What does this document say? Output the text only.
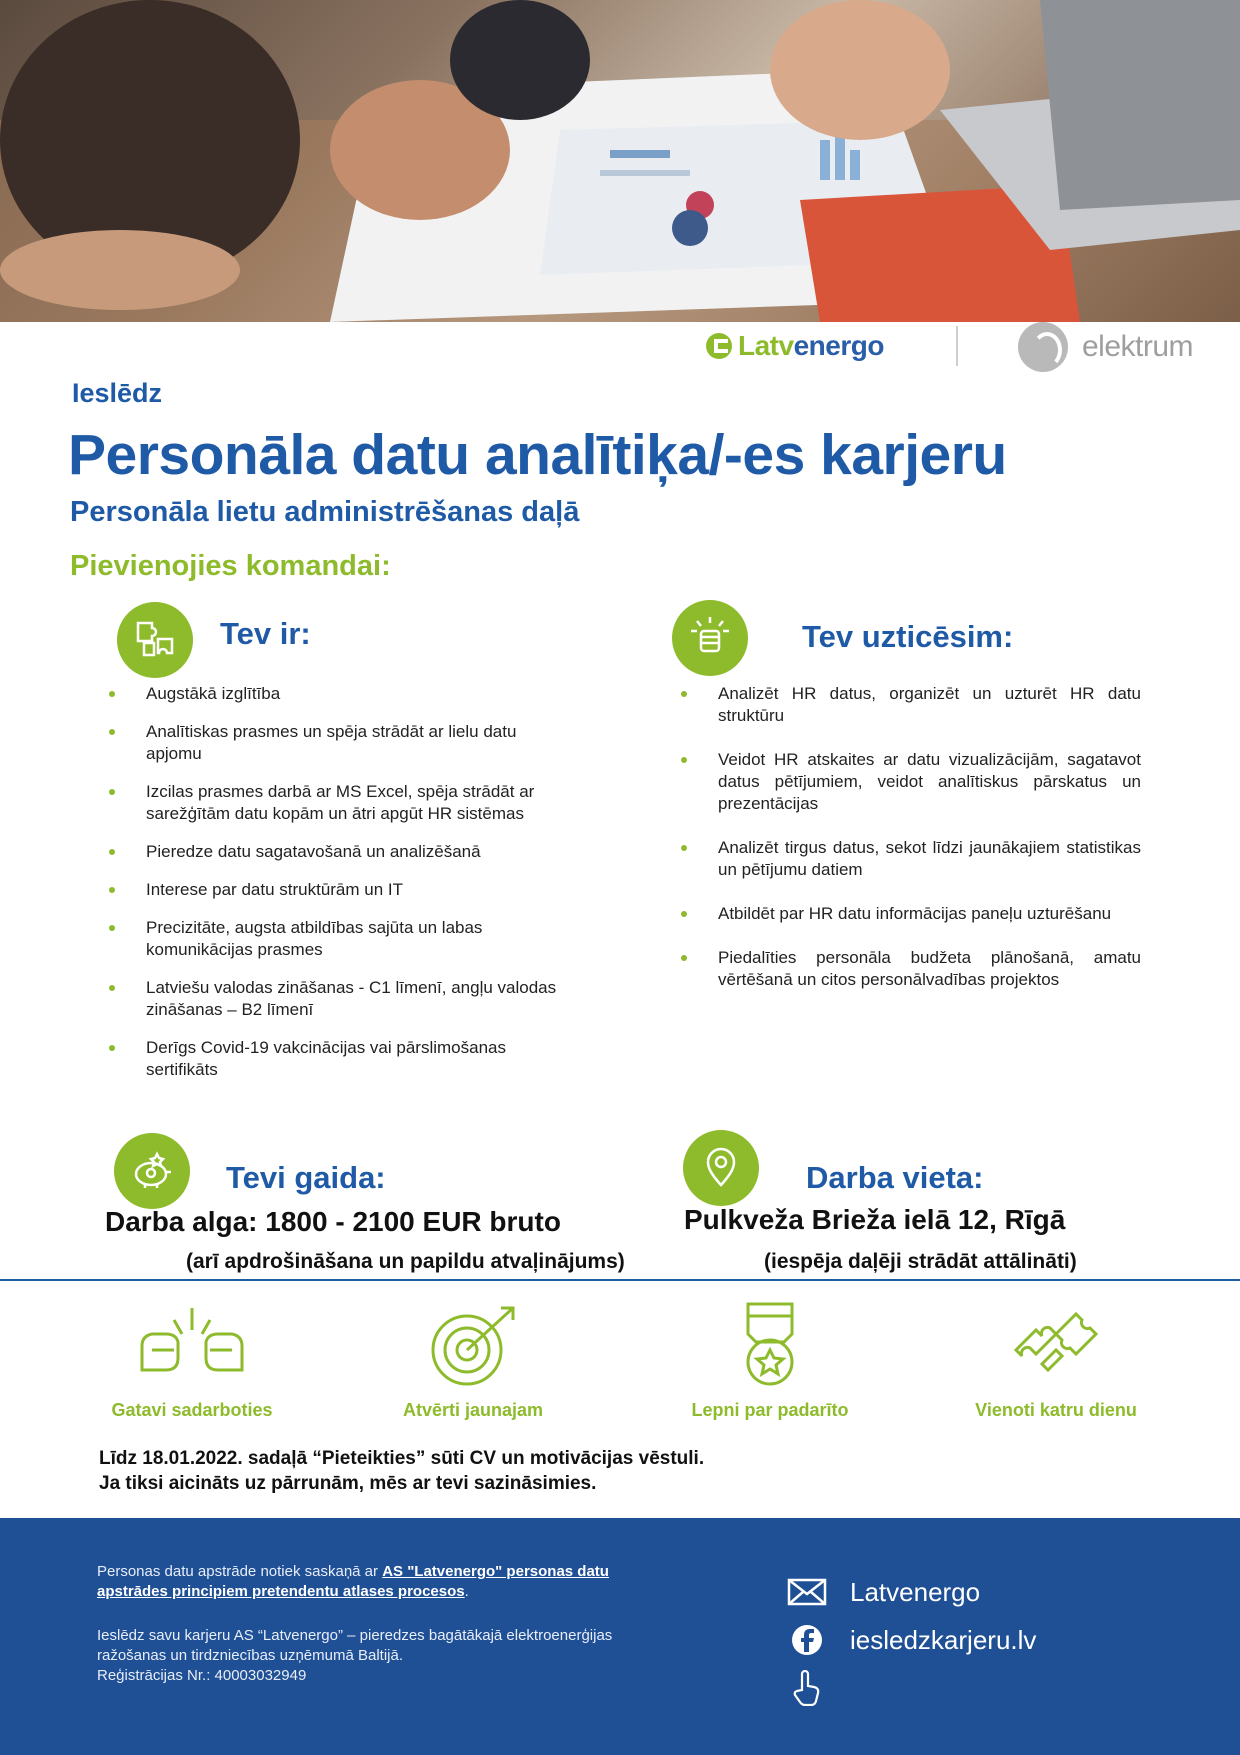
Latvenergo	elektrum
Ieslēdz
Personāla datu analītiķa/-es karjeru
Personāla lietu administrēšanas daļā
Pievienojies komandai:
Tev ir:
Augstākā izglītība
Analītiskas prasmes un spēja strādāt ar lielu datu apjomu
Izcilas prasmes darbā ar MS Excel, spēja strādāt ar sarežģītām datu kopām un ātri apgūt HR sistēmas
Pieredze datu sagatavošanā un analizēšanā
Interese par datu struktūrām un IT
Precizitāte, augsta atbildības sajūta un labas komunikācijas prasmes
Latviešu valodas zināšanas - C1 līmenī, angļu valodas zināšanas – B2 līmenī
Derīgs Covid-19 vakcinācijas vai pārslimošanas sertifikāts
Tev uzticēsim:
Analizēt HR datus, organizēt un uzturēt HR datu struktūru
Veidot HR atskaites ar datu vizualizācijām, sagatavot datus pētījumiem, veidot analītiskus pārskatus un prezentācijas
Analizēt tirgus datus, sekot līdzi jaunākajiem statistikas un pētījumu datiem
Atbildēt par HR datu informācijas paneļu uzturēšanu
Piedalīties personāla budžeta plānošanā, amatu vērtēšanā un citos personālvadības projektos
Tevi gaida:
Darba alga: 1800 - 2100 EUR bruto
(arī apdrošināšana un papildu atvaļinājums)
Darba vieta:
Pulkveža Brieža ielā 12, Rīgā
(iespēja daļēji strādāt attālināti)
Gatavi sadarboties	Atvērti jaunajam	Lepni par padarīto	Vienoti katru dienu
Līdz 18.01.2022. sadaļā “Pieteikties” sūti CV un motivācijas vēstuli.
Ja tiksi aicināts uz pārrunām, mēs ar tevi sazināsimies.

Personas datu apstrāde notiek saskaņā ar AS "Latvenergo" personas datu apstrādes principiem pretendentu atlases procesos.

Ieslēdz savu karjeru AS “Latvenergo” – pieredzes bagātākajā elektroenerģijas ražošanas un tirdzniecības uzņēmumā Baltijā.
Reģistrācijas Nr.: 40003032949
Latvenergo
iesledzkarjeru.lv
